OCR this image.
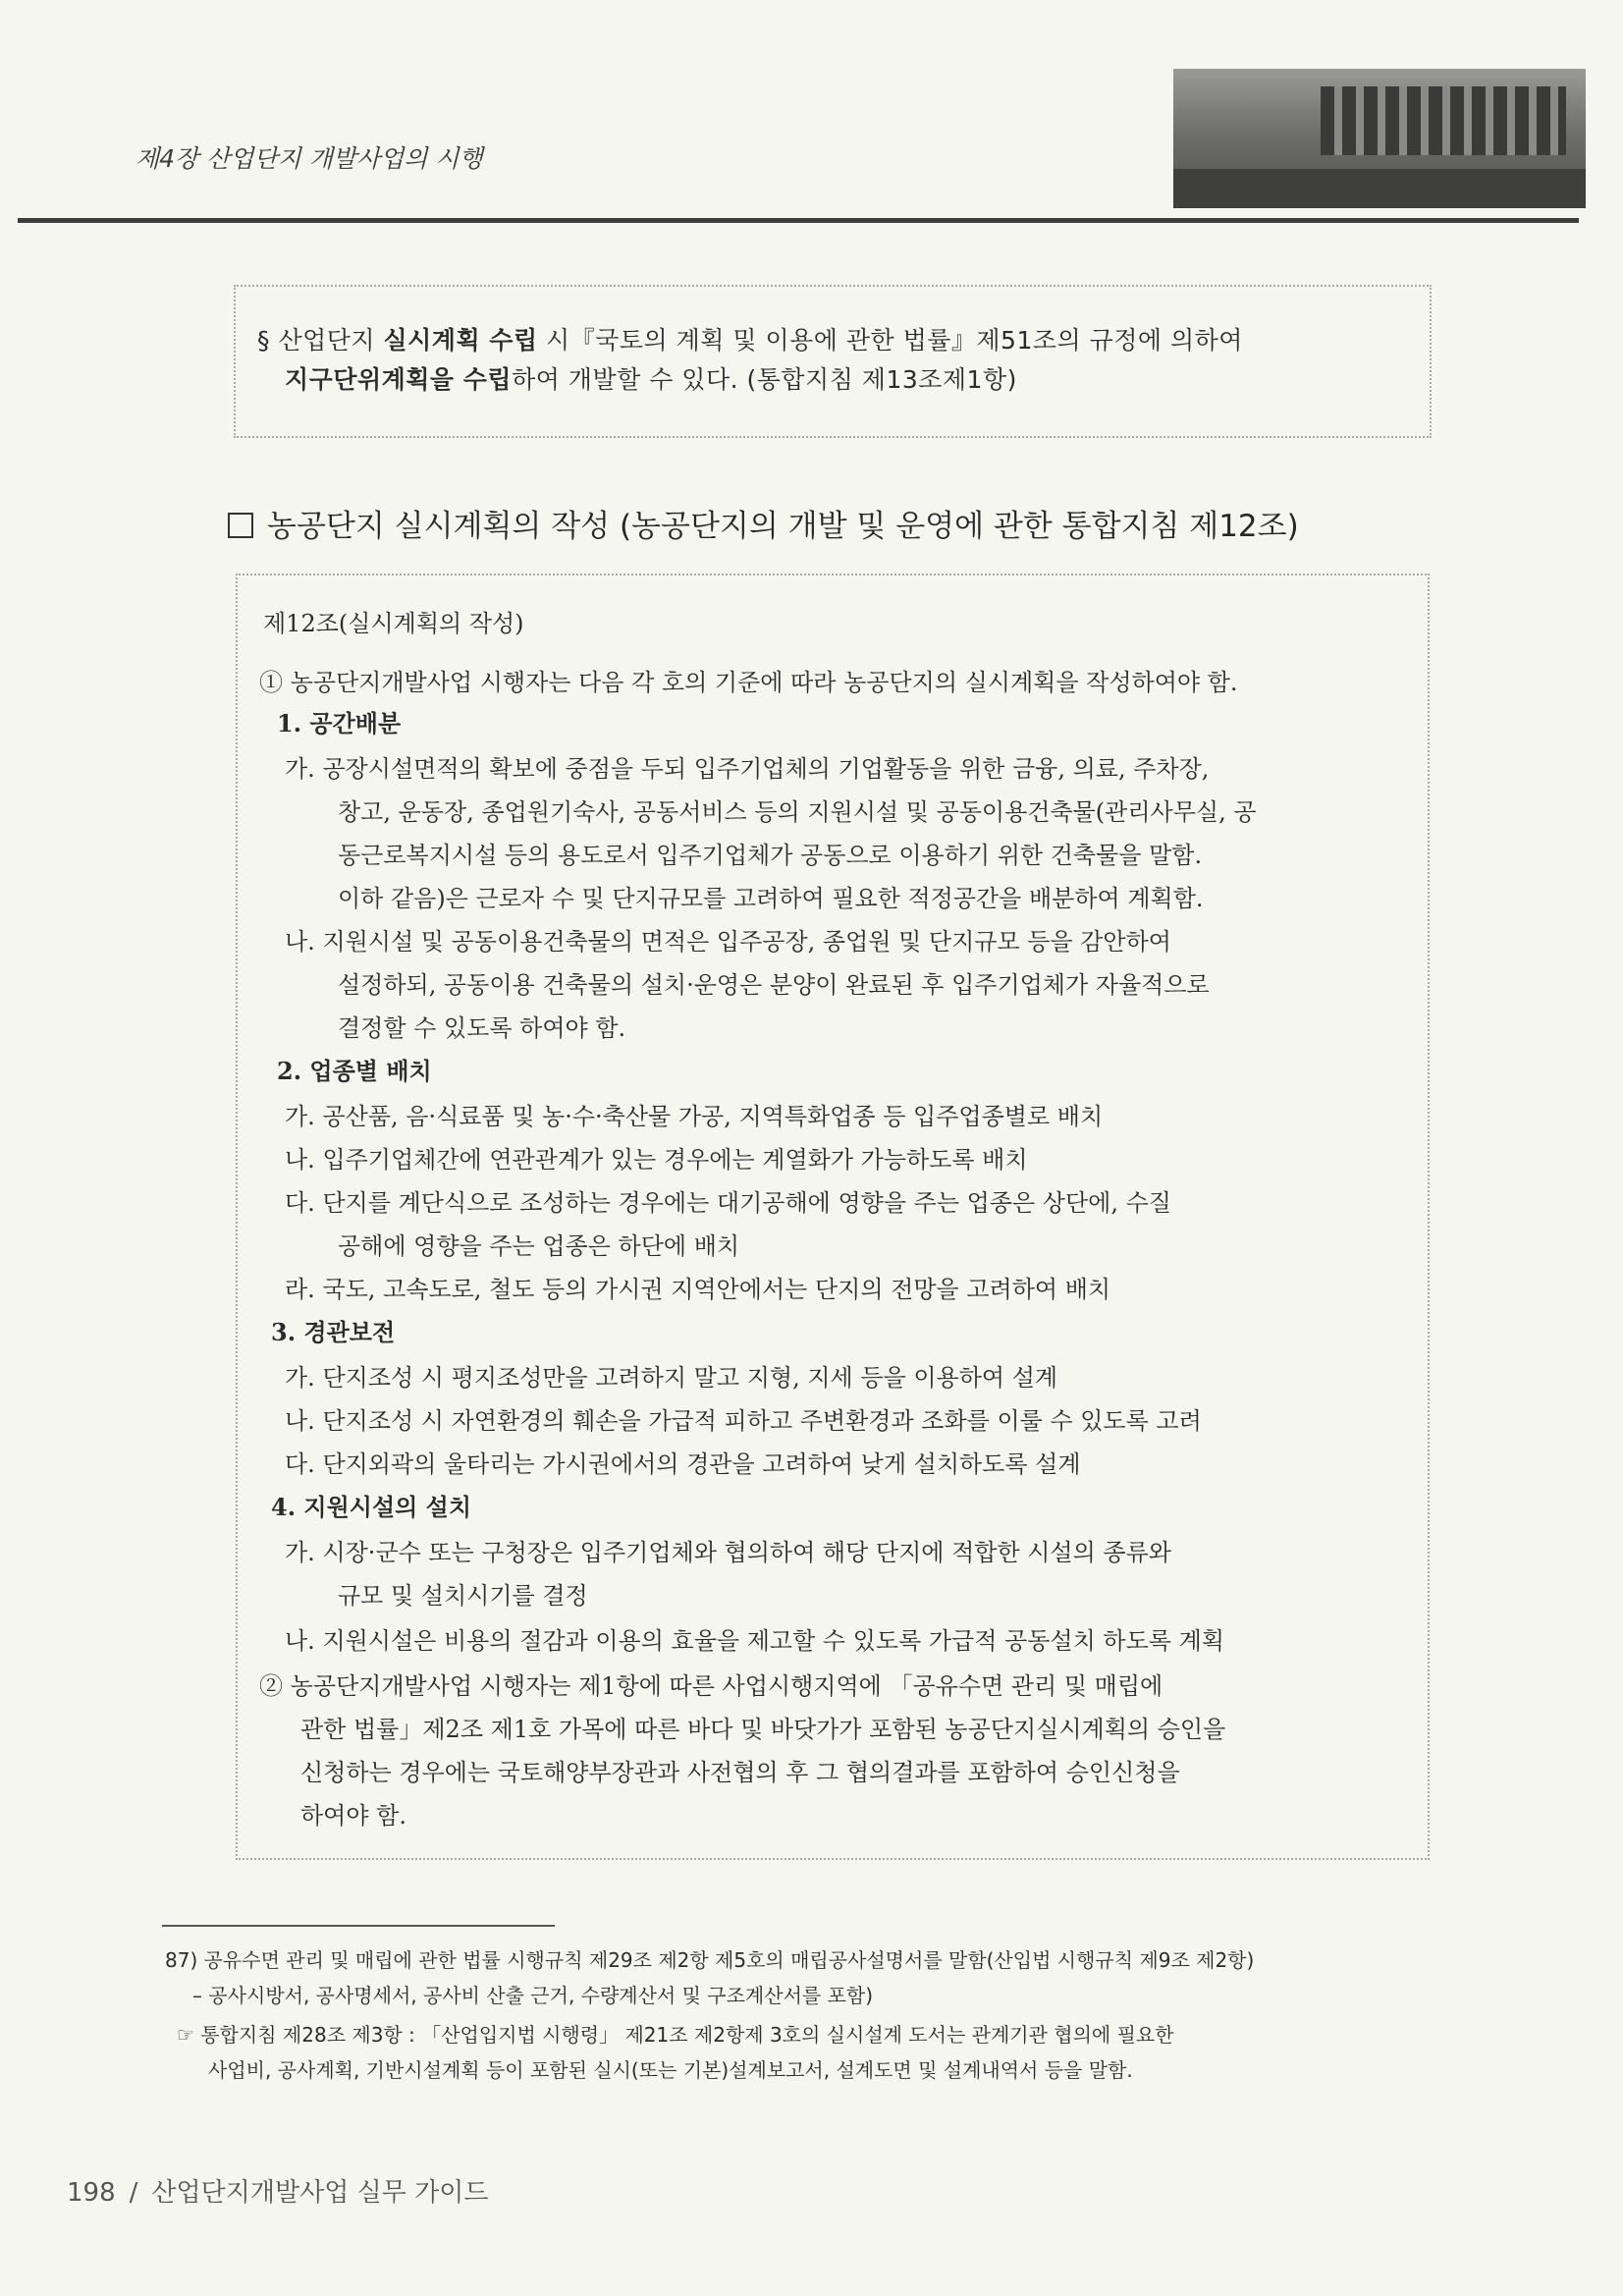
제4장 산업단지 개발사업의 시행

§ 산업단지 실시계획 수립 시『국토의 계획 및 이용에 관한 법률』제51조의 규정에 의하여

지구단위계획을 수립하여 개발할 수 있다. (통합지침 제13조제1항)

농공단지 실시계획의 작성 (농공단지의 개발 및 운영에 관한 통합지침 제12조)
제12조(실시계획의 작성)
① 농공단지개발사업 시행자는 다음 각 호의 기준에 따라 농공단지의 실시계획을 작성하여야 함.
1. 공간배분
가. 공장시설면적의 확보에 중점을 두되 입주기업체의 기업활동을 위한 금융, 의료, 주차장,
창고, 운동장, 종업원기숙사, 공동서비스 등의 지원시설 및 공동이용건축물(관리사무실, 공
동근로복지시설 등의 용도로서 입주기업체가 공동으로 이용하기 위한 건축물을 말함.
이하 같음)은 근로자 수 및 단지규모를 고려하여 필요한 적정공간을 배분하여 계획함.
나. 지원시설 및 공동이용건축물의 면적은 입주공장, 종업원 및 단지규모 등을 감안하여
설정하되, 공동이용 건축물의 설치·운영은 분양이 완료된 후 입주기업체가 자율적으로
결정할 수 있도록 하여야 함.
2. 업종별 배치
가. 공산품, 음·식료품 및 농·수·축산물 가공, 지역특화업종 등 입주업종별로 배치
나. 입주기업체간에 연관관계가 있는 경우에는 계열화가 가능하도록 배치
다. 단지를 계단식으로 조성하는 경우에는 대기공해에 영향을 주는 업종은 상단에, 수질
공해에 영향을 주는 업종은 하단에 배치
라. 국도, 고속도로, 철도 등의 가시권 지역안에서는 단지의 전망을 고려하여 배치
3. 경관보전
가. 단지조성 시 평지조성만을 고려하지 말고 지형, 지세 등을 이용하여 설계
나. 단지조성 시 자연환경의 훼손을 가급적 피하고 주변환경과 조화를 이룰 수 있도록 고려
다. 단지외곽의 울타리는 가시권에서의 경관을 고려하여 낮게 설치하도록 설계
4. 지원시설의 설치
가. 시장·군수 또는 구청장은 입주기업체와 협의하여 해당 단지에 적합한 시설의 종류와
규모 및 설치시기를 결정
나. 지원시설은 비용의 절감과 이용의 효율을 제고할 수 있도록 가급적 공동설치 하도록 계획
② 농공단지개발사업 시행자는 제1항에 따른 사업시행지역에 「공유수면 관리 및 매립에
관한 법률」제2조 제1호 가목에 따른 바다 및 바닷가가 포함된 농공단지실시계획의 승인을
신청하는 경우에는 국토해양부장관과 사전협의 후 그 협의결과를 포함하여 승인신청을
하여야 함.
87) 공유수면 관리 및 매립에 관한 법률 시행규칙 제29조 제2항 제5호의 매립공사설명서를 말함(산입법 시행규칙 제9조 제2항)
– 공사시방서, 공사명세서, 공사비 산출 근거, 수량계산서 및 구조계산서를 포함)
☞ 통합지침 제28조 제3항 : 「산업입지법 시행령」 제21조 제2항제 3호의 실시설계 도서는 관계기관 협의에 필요한
사업비, 공사계획, 기반시설계획 등이 포함된 실시(또는 기본)설계보고서, 설계도면 및 설계내역서 등을 말함.
198 / 산업단지개발사업 실무 가이드
